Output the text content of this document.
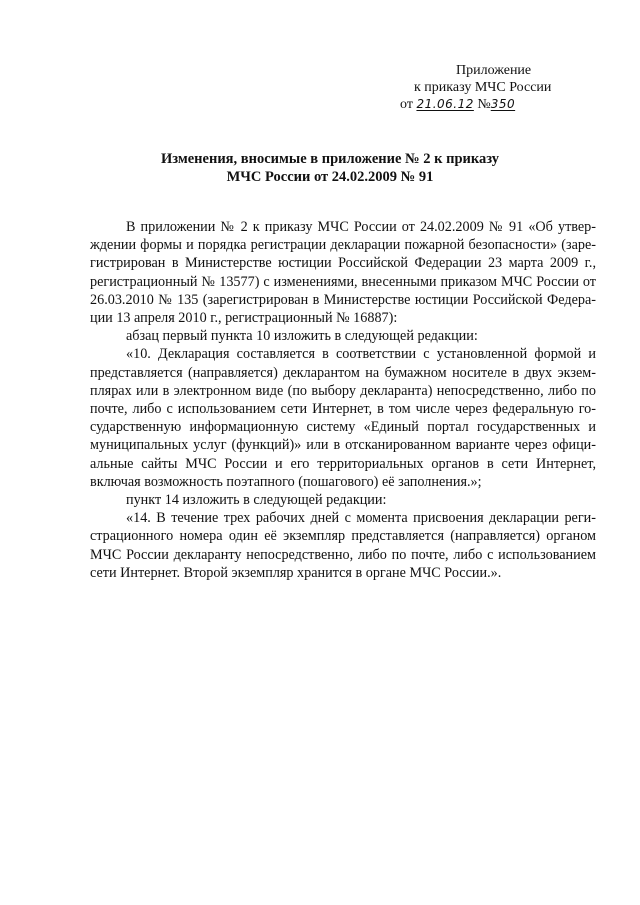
Приложение
к приказу МЧС России
от 21.06.12 №350
Изменения, вносимые в приложение № 2 к приказу
МЧС России от 24.02.2009 № 91

В приложении № 2 к приказу МЧС России от 24.02.2009 № 91 «Об утвер-

ждении формы и порядка регистрации декларации пожарной безопасности» (заре-
гистрирован в Министерстве юстиции Российской Федерации 23 марта 2009 г.,
регистрационный № 13577) с изменениями, внесенными приказом МЧС России от
26.03.2010 № 135 (зарегистрирован в Министерстве юстиции Российской Федера-
ции 13 апреля 2010 г., регистрационный № 16887):

абзац первый пункта 10 изложить в следующей редакции:

«10. Декларация составляется в соответствии с установленной формой и

представляется (направляется) декларантом на бумажном носителе в двух экзем-
плярах или в электронном виде (по выбору декларанта) непосредственно, либо по
почте, либо с использованием сети Интернет, в том числе через федеральную го-
сударственную информационную систему «Единый портал государственных и
муниципальных услуг (функций)» или в отсканированном варианте через офици-
альные сайты МЧС России и его территориальных органов в сети Интернет,
включая возможность поэтапного (пошагового) её заполнения.»;

пункт 14 изложить в следующей редакции:

«14. В течение трех рабочих дней с момента присвоения декларации реги-

страционного номера один её экземпляр представляется (направляется) органом
МЧС России декларанту непосредственно, либо по почте, либо с использованием
сети Интернет. Второй экземпляр хранится в органе МЧС России.».
